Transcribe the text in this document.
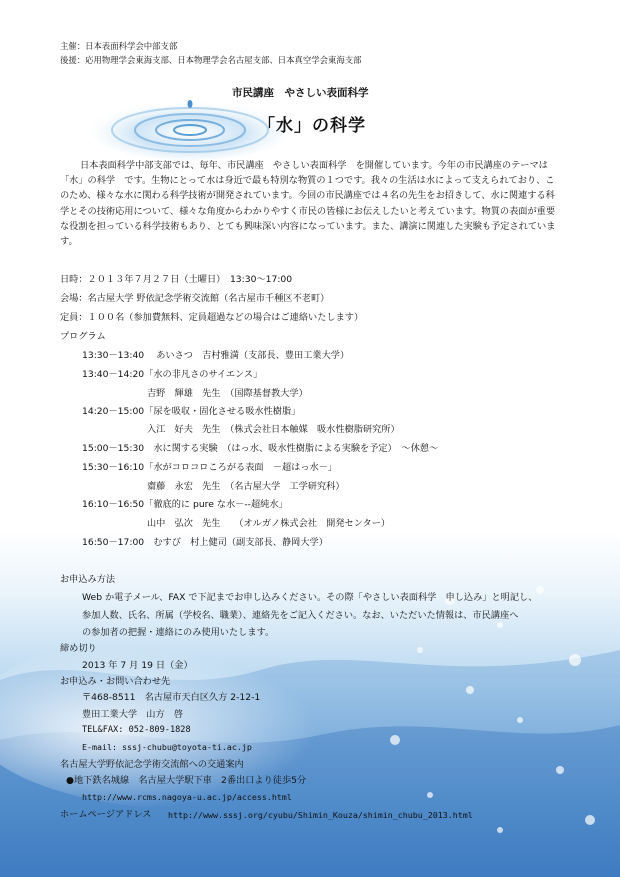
主催：日本表面科学会中部支部
後援：応用物理学会東海支部、日本物理学会名古屋支部、日本真空学会東海支部
市民講座　やさしい表面科学
「水」の科学
日本表面科学中部支部では、毎年、市民講座　やさしい表面科学　を開催しています。今年の市民講座のテーマは「水」の科学　です。生物にとって水は身近で最も特別な物質の１つです。我々の生活は水によって支えられており、このため、様々な水に関わる科学技術が開発されています。今回の市民講座では４名の先生をお招きして、水に関連する科学とその技術応用について、様々な角度からわかりやすく市民の皆様にお伝えしたいと考えています。物質の表面が重要な役割を担っている科学技術もあり、とても興味深い内容になっています。また、講演に関連した実験も予定されています。
日時：２０１３年７月２７日（土曜日）　13:30～17:00
会場：名古屋大学 野依記念学術交流館（名古屋市千種区不老町）
定員：１００名（参加費無料、定員超過などの場合はご連絡いたします）
プログラム
13:30－13:40　 あいさつ　吉村雅満（支部長、豊田工業大学）
13:40－14:20「水の非凡さのサイエンス」
吉野　輝雄　先生　（国際基督教大学）
14:20－15:00「尿を吸収・固化させる吸水性樹脂」
入江　好夫　先生　（株式会社日本触媒　吸水性樹脂研究所）
15:00－15:30　水に関する実験　（はっ水、吸水性樹脂による実験を予定）　～休憩～
15:30－16:10「水がコロコロころがる表面　－超はっ水－」
齋藤　永宏　先生　（名古屋大学　工学研究科）
16:10－16:50「徹底的に pure な水－‐‐超純水」
山中　弘次　先生　　（オルガノ株式会社　開発センター）
16:50－17:00　むすび　村上健司（副支部長、静岡大学）
お申込み方法
Web か電子メール、FAX で下記までお申し込みください。その際「やさしい表面科学　申し込み」と明記し、
参加人数、氏名、所属（学校名、職業）、連絡先をご記入ください。なお、いただいた情報は、市民講座へ
の参加者の把握・連絡にのみ使用いたします。
締め切り
2013 年 7 月 19 日（金）
お申込み・お問い合わせ先
〒468-8511　名古屋市天白区久方 2-12-1
豊田工業大学　山方　啓
TEL&FAX: 052-809-1828
E-mail: sssj-chubu@toyota-ti.ac.jp
名古屋大学野依記念学術交流館への交通案内
●地下鉄名城線　名古屋大学駅下車　2番出口より徒歩5分
http://www.rcms.nagoya-u.ac.jp/access.html
ホームページアドレス http://www.sssj.org/cyubu/Shimin_Kouza/shimin_chubu_2013.html
